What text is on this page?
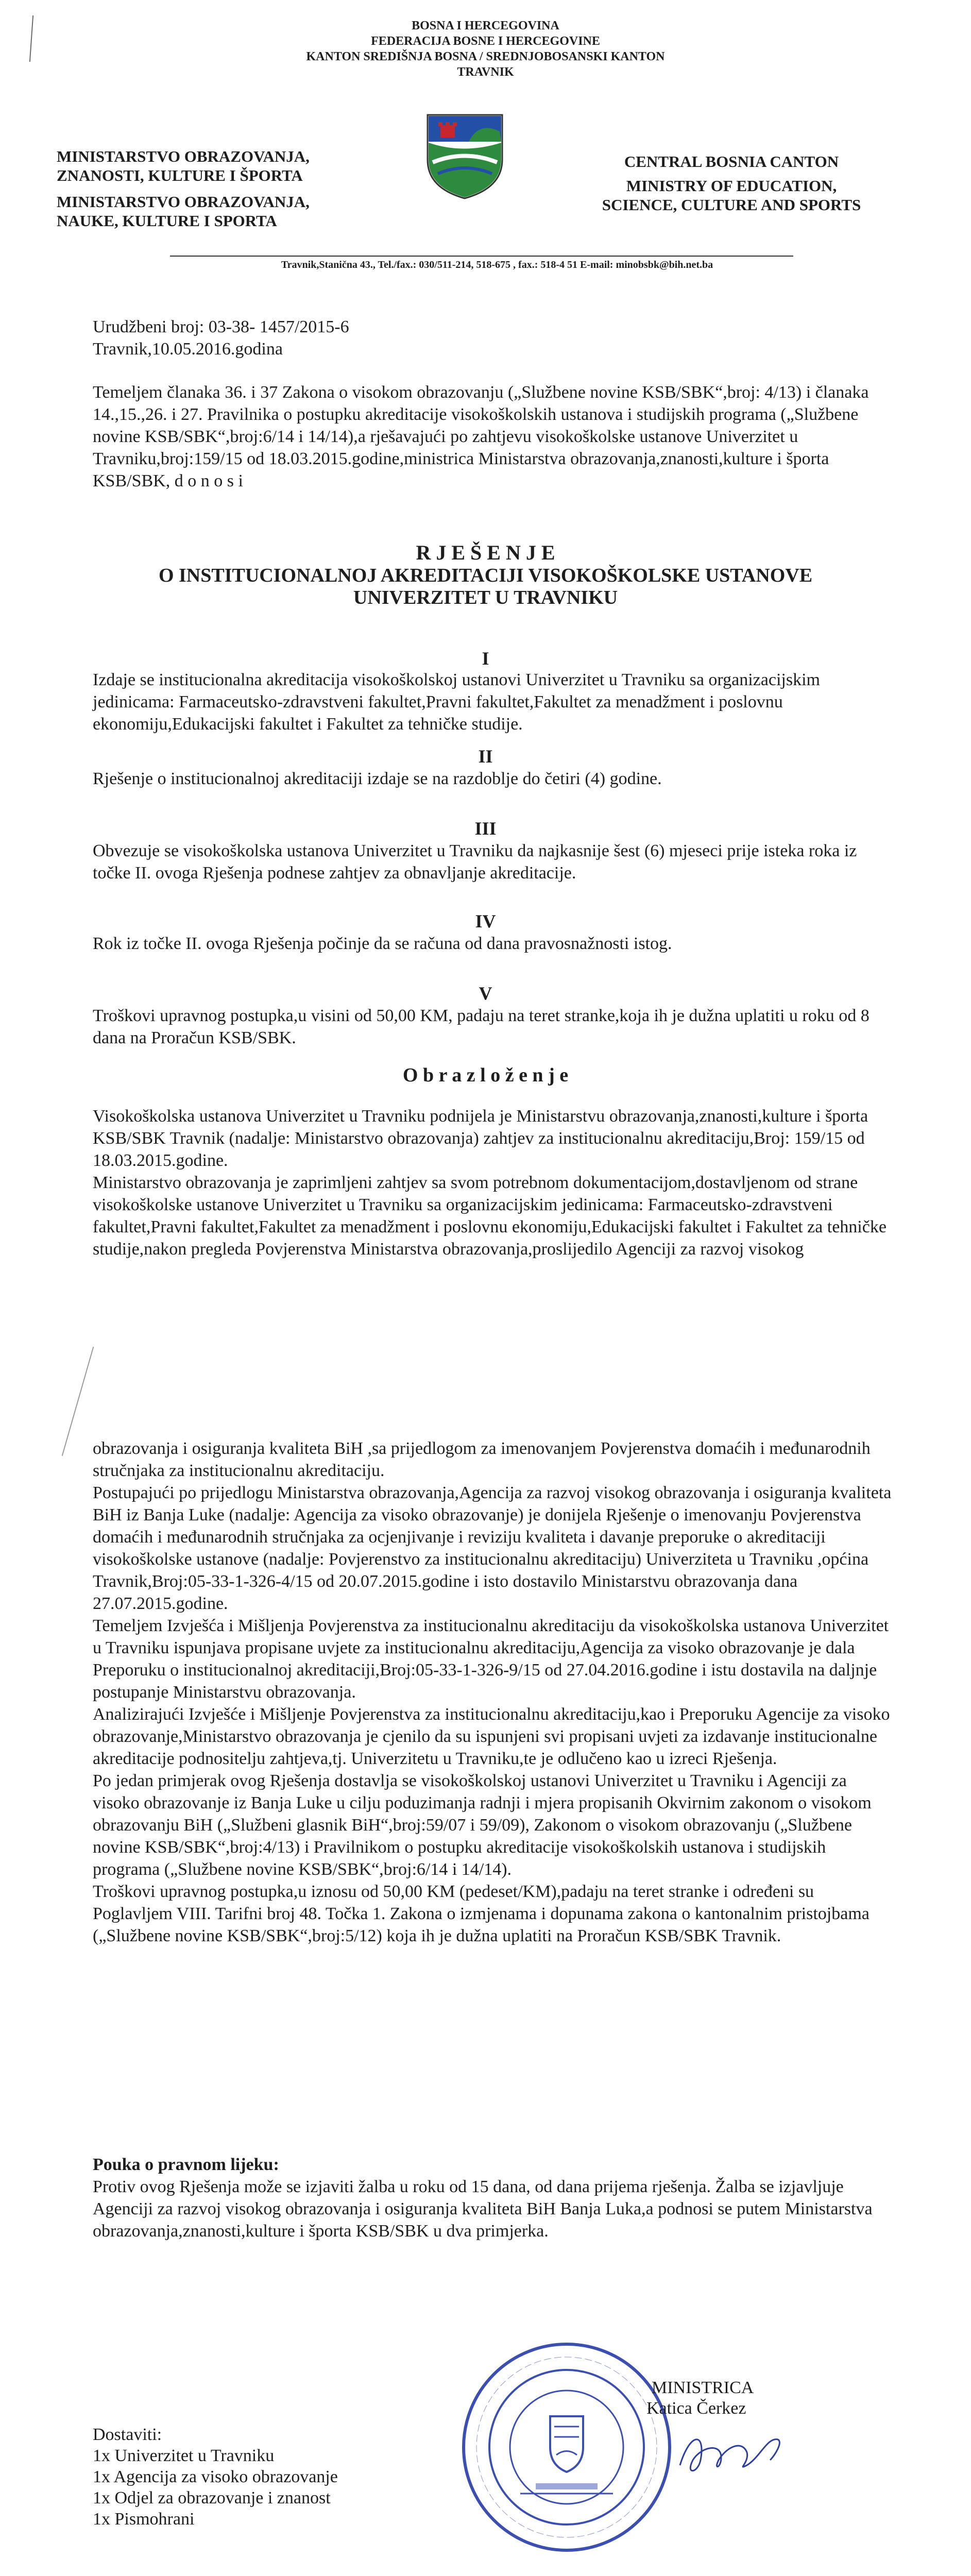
BOSNA I HERCEGOVINA
FEDERACIJA BOSNE I HERCEGOVINE
KANTON SREDIŠNJA BOSNA / SREDNJOBOSANSKI KANTON
TRAVNIK
MINISTARSTVO OBRAZOVANJA,
ZNANOSTI, KULTURE I ŠPORTA
MINISTARSTVO OBRAZOVANJA,
NAUKE, KULTURE I SPORTA
CENTRAL BOSNIA CANTON
MINISTRY OF EDUCATION,
SCIENCE, CULTURE AND SPORTS
Travnik,Stanična 43., Tel./fax.: 030/511-214, 518-675 , fax.: 518-4 51 E-mail: minobsbk@bih.net.ba
Urudžbeni broj: 03-38- 1457/2015-6
Travnik,10.05.2016.godina
Temeljem članaka 36. i 37 Zakona o visokom obrazovanju („Službene novine KSB/SBK“,broj: 4/13) i članaka 14.,15.,26. i 27. Pravilnika o postupku akreditacije visokoškolskih ustanova i studijskih programa („Službene novine KSB/SBK“,broj:6/14 i 14/14),a rješavajući po zahtjevu visokoškolske ustanove Univerzitet u Travniku,broj:159/15 od 18.03.2015.godine,ministrica Ministarstva obrazovanja,znanosti,kulture i športa KSB/SBK, d o n o s i
R J E Š E N J E
O INSTITUCIONALNOJ AKREDITACIJI VISOKOŠKOLSKE USTANOVE
UNIVERZITET U TRAVNIKU
I
Izdaje se institucionalna akreditacija visokoškolskoj ustanovi Univerzitet u Travniku sa organizacijskim jedinicama: Farmaceutsko-zdravstveni fakultet,Pravni fakultet,Fakultet za menadžment i poslovnu ekonomiju,Edukacijski fakultet i Fakultet za tehničke studije.
II
Rješenje o institucionalnoj akreditaciji izdaje se na razdoblje do četiri (4) godine.
III
Obvezuje se visokoškolska ustanova Univerzitet u Travniku da najkasnije šest (6) mjeseci prije isteka roka iz točke II. ovoga Rješenja podnese zahtjev za obnavljanje akreditacije.
IV
Rok iz točke II. ovoga Rješenja počinje da se računa od dana pravosnažnosti istog.
V
Troškovi upravnog postupka,u visini od 50,00 KM, padaju na teret stranke,koja ih je dužna uplatiti u roku od 8 dana na Proračun KSB/SBK.
O b r a z l o ž e n j e

Visokoškolska ustanova Univerzitet u Travniku podnijela je Ministarstvu obrazovanja,znanosti,kulture i športa KSB/SBK Travnik (nadalje: Ministarstvo obrazovanja) zahtjev za institucionalnu akreditaciju,Broj: 159/15 od 18.03.2015.godine.

Ministarstvo obrazovanja je zaprimljeni zahtjev sa svom potrebnom dokumentacijom,dostavljenom od strane visokoškolske ustanove Univerzitet u Travniku sa organizacijskim jedinicama: Farmaceutsko-zdravstveni fakultet,Pravni fakultet,Fakultet za menadžment i poslovnu ekonomiju,Edukacijski fakultet i Fakultet za tehničke studije,nakon pregleda Povjerenstva Ministarstva obrazovanja,proslijedilo Agenciji za razvoj visokog

obrazovanja i osiguranja kvaliteta BiH ,sa prijedlogom za imenovanjem Povjerenstva domaćih i međunarodnih stručnjaka za institucionalnu akreditaciju.

Postupajući po prijedlogu Ministarstva obrazovanja,Agencija za razvoj visokog obrazovanja i osiguranja kvaliteta BiH iz Banja Luke (nadalje: Agencija za visoko obrazovanje) je donijela Rješenje o imenovanju Povjerenstva domaćih i međunarodnih stručnjaka za ocjenjivanje i reviziju kvaliteta i davanje preporuke o akreditaciji visokoškolske ustanove (nadalje: Povjerenstvo za institucionalnu akreditaciju) Univerziteta u Travniku ,općina Travnik,Broj:05-33-1-326-4/15 od 20.07.2015.godine i isto dostavilo Ministarstvu obrazovanja dana 27.07.2015.godine.

Temeljem Izvješća i Mišljenja Povjerenstva za institucionalnu akreditaciju da visokoškolska ustanova Univerzitet u Travniku ispunjava propisane uvjete za institucionalnu akreditaciju,Agencija za visoko obrazovanje je dala Preporuku o institucionalnoj akreditaciji,Broj:05-33-1-326-9/15 od 27.04.2016.godine i istu dostavila na daljnje postupanje Ministarstvu obrazovanja.

Analizirajući Izvješće i Mišljenje Povjerenstva za institucionalnu akreditaciju,kao i Preporuku Agencije za visoko obrazovanje,Ministarstvo obrazovanja je cjenilo da su ispunjeni svi propisani uvjeti za izdavanje institucionalne akreditacije podnositelju zahtjeva,tj. Univerzitetu u Travniku,te je odlučeno kao u izreci Rješenja.

Po jedan primjerak ovog Rješenja dostavlja se visokoškolskoj ustanovi Univerzitet u Travniku i Agenciji za visoko obrazovanje iz Banja Luke u cilju poduzimanja radnji i mjera propisanih Okvirnim zakonom o visokom obrazovanju BiH („Službeni glasnik BiH“,broj:59/07 i 59/09), Zakonom o visokom obrazovanju („Službene novine KSB/SBK“,broj:4/13) i Pravilnikom o postupku akreditacije visokoškolskih ustanova i studijskih programa („Službene novine KSB/SBK“,broj:6/14 i 14/14).

Troškovi upravnog postupka,u iznosu od 50,00 KM (pedeset/KM),padaju na teret stranke i određeni su Poglavljem VIII. Tarifni broj 48. Točka 1. Zakona o izmjenama i dopunama zakona o kantonalnim pristojbama („Službene novine KSB/SBK“,broj:5/12) koja ih je dužna uplatiti na Proračun KSB/SBK Travnik.

Pouka o pravnom lijeku:
Protiv ovog Rješenja može se izjaviti žalba u roku od 15 dana, od dana prijema rješenja. Žalba se izjavljuje Agenciji za razvoj visokog obrazovanja i osiguranja kvaliteta BiH Banja Luka,a podnosi se putem Ministarstva obrazovanja,znanosti,kulture i športa KSB/SBK u dva primjerka.
MINISTRICA
Katica Čerkez
Dostaviti:
1x Univerzitet u Travniku
1x Agencija za visoko obrazovanje
1x Odjel za obrazovanje i znanost
1x Pismohrani
